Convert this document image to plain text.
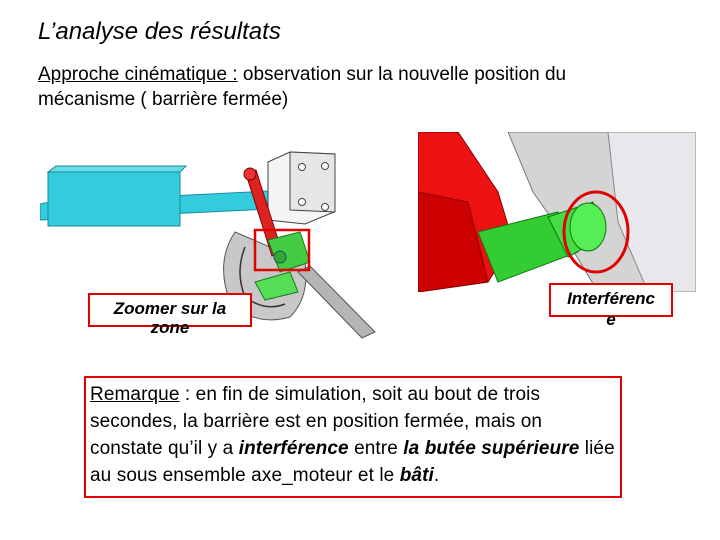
L’analyse des résultats
Approche cinématique : observation sur la nouvelle position du mécanisme ( barrière fermée)
Zoomer sur la
zone
Interférenc
e
Remarque : en fin de simulation, soit au bout de trois secondes, la barrière est en position fermée, mais on constate qu’il y a interférence entre la butée supérieure liée au sous ensemble axe_moteur et le bâti.
